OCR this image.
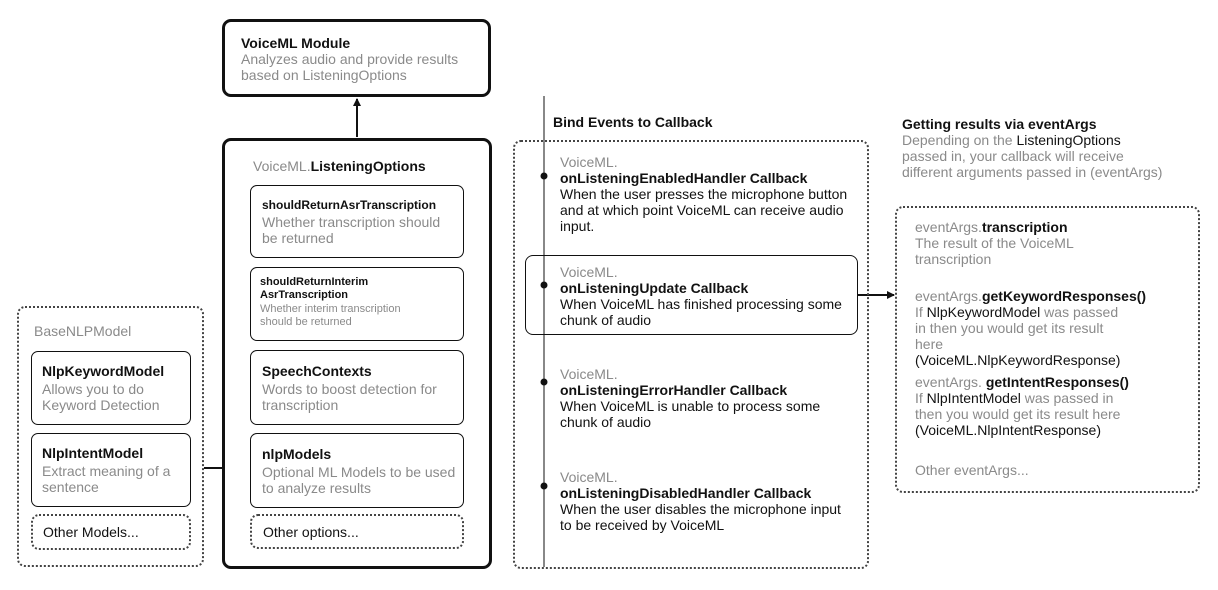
VoiceML Module
Analyzes audio and provide results based on ListeningOptions
VoiceML.ListeningOptions
shouldReturnAsrTranscription
Whether transcription should be returned
shouldReturnInterim AsrTranscription
Whether interim transcription should be returned
SpeechContexts
Words to boost detection for transcription
nlpModels
Optional ML Models to be used to analyze results
Other options...
BaseNLPModel
NlpKeywordModel
Allows you to do Keyword Detection
NlpIntentModel
Extract meaning of a sentence
Other Models...
Bind Events to Callback
VoiceML.
onListeningEnabledHandler Callback
When the user presses the microphone button and at which point VoiceML can receive audio input.
VoiceML.
onListeningUpdate Callback
When VoiceML has finished processing some chunk of audio
VoiceML.
onListeningErrorHandler Callback
When VoiceML is unable to process some chunk of audio
VoiceML.
onListeningDisabledHandler Callback
When the user disables the microphone input to be received by VoiceML
Getting results via eventArgs
Depending on the ListeningOptions passed in, your callback will receive different arguments passed in (eventArgs)
eventArgs.transcription
The result of the VoiceML transcription
eventArgs.getKeywordResponses()
If NlpKeywordModel was passed in then you would get its result here
(VoiceML.NlpKeywordResponse)
eventArgs. getIntentResponses()
If NlpIntentModel was passed in then you would get its result here
(VoiceML.NlpIntentResponse)
Other eventArgs...
